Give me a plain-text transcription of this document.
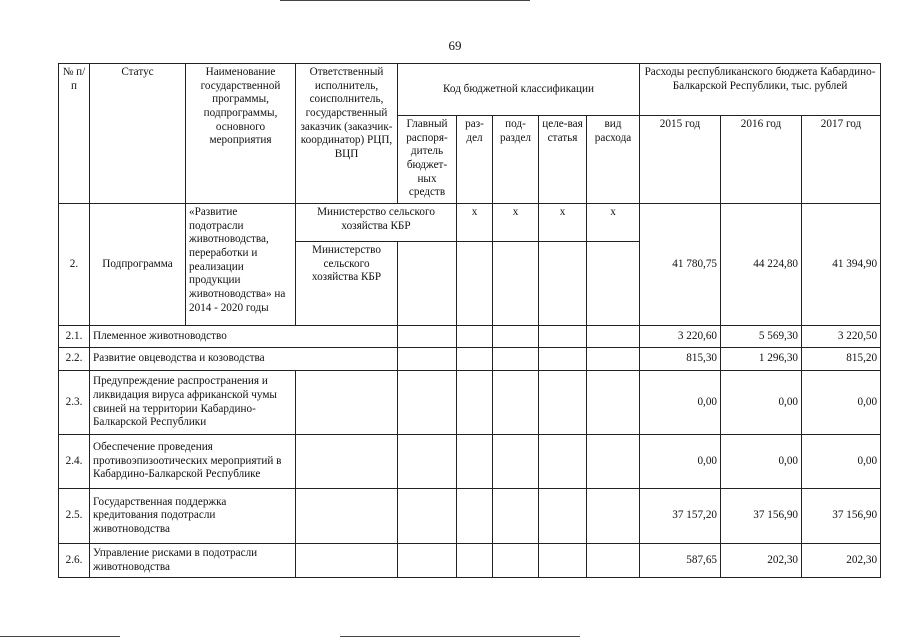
69
№ п/п	Статус	Наименование государственной программы, подпрограммы, основного мероприятия	Ответственный исполнитель, соисполнитель, государственный заказчик (заказчик-координатор) РЦП, ВЦП	Код бюджетной классификации					Расходы республиканского бюджета Кабардино-Балкарской Республики, тыс. рублей		
				Главный распоря-дитель бюджет-ных средств	раз-дел	под-раздел	целе-вая статья	вид расхода	2015 год	2016 год	2017 год
2.	Подпрограмма	«Развитие подотрасли животноводства, переработки и реализации продукции животноводства» на 2014 - 2020 годы	Министерство сельского хозяйства КБР		х	х	х	х	41 780,75	44 224,80	41 394,90
			Министерство сельского хозяйства КБР								
2.1.	Племенное животноводство								3 220,60	5 569,30	3 220,50
2.2.	Развитие овцеводства и козоводства								815,30	1 296,30	815,20
2.3.	Предупреждение распространения и ликвидация вируса африканской чумы свиней на территории Кабардино-Балкарской Республики								0,00	0,00	0,00
2.4.	Обеспечение проведения противоэпизоотических мероприятий в Кабардино-Балкарской Республике								0,00	0,00	0,00
2.5.	Государственная поддержка кредитования подотрасли животноводства								37 157,20	37 156,90	37 156,90
2.6.	Управление рисками в подотрасли животноводства								587,65	202,30	202,30
